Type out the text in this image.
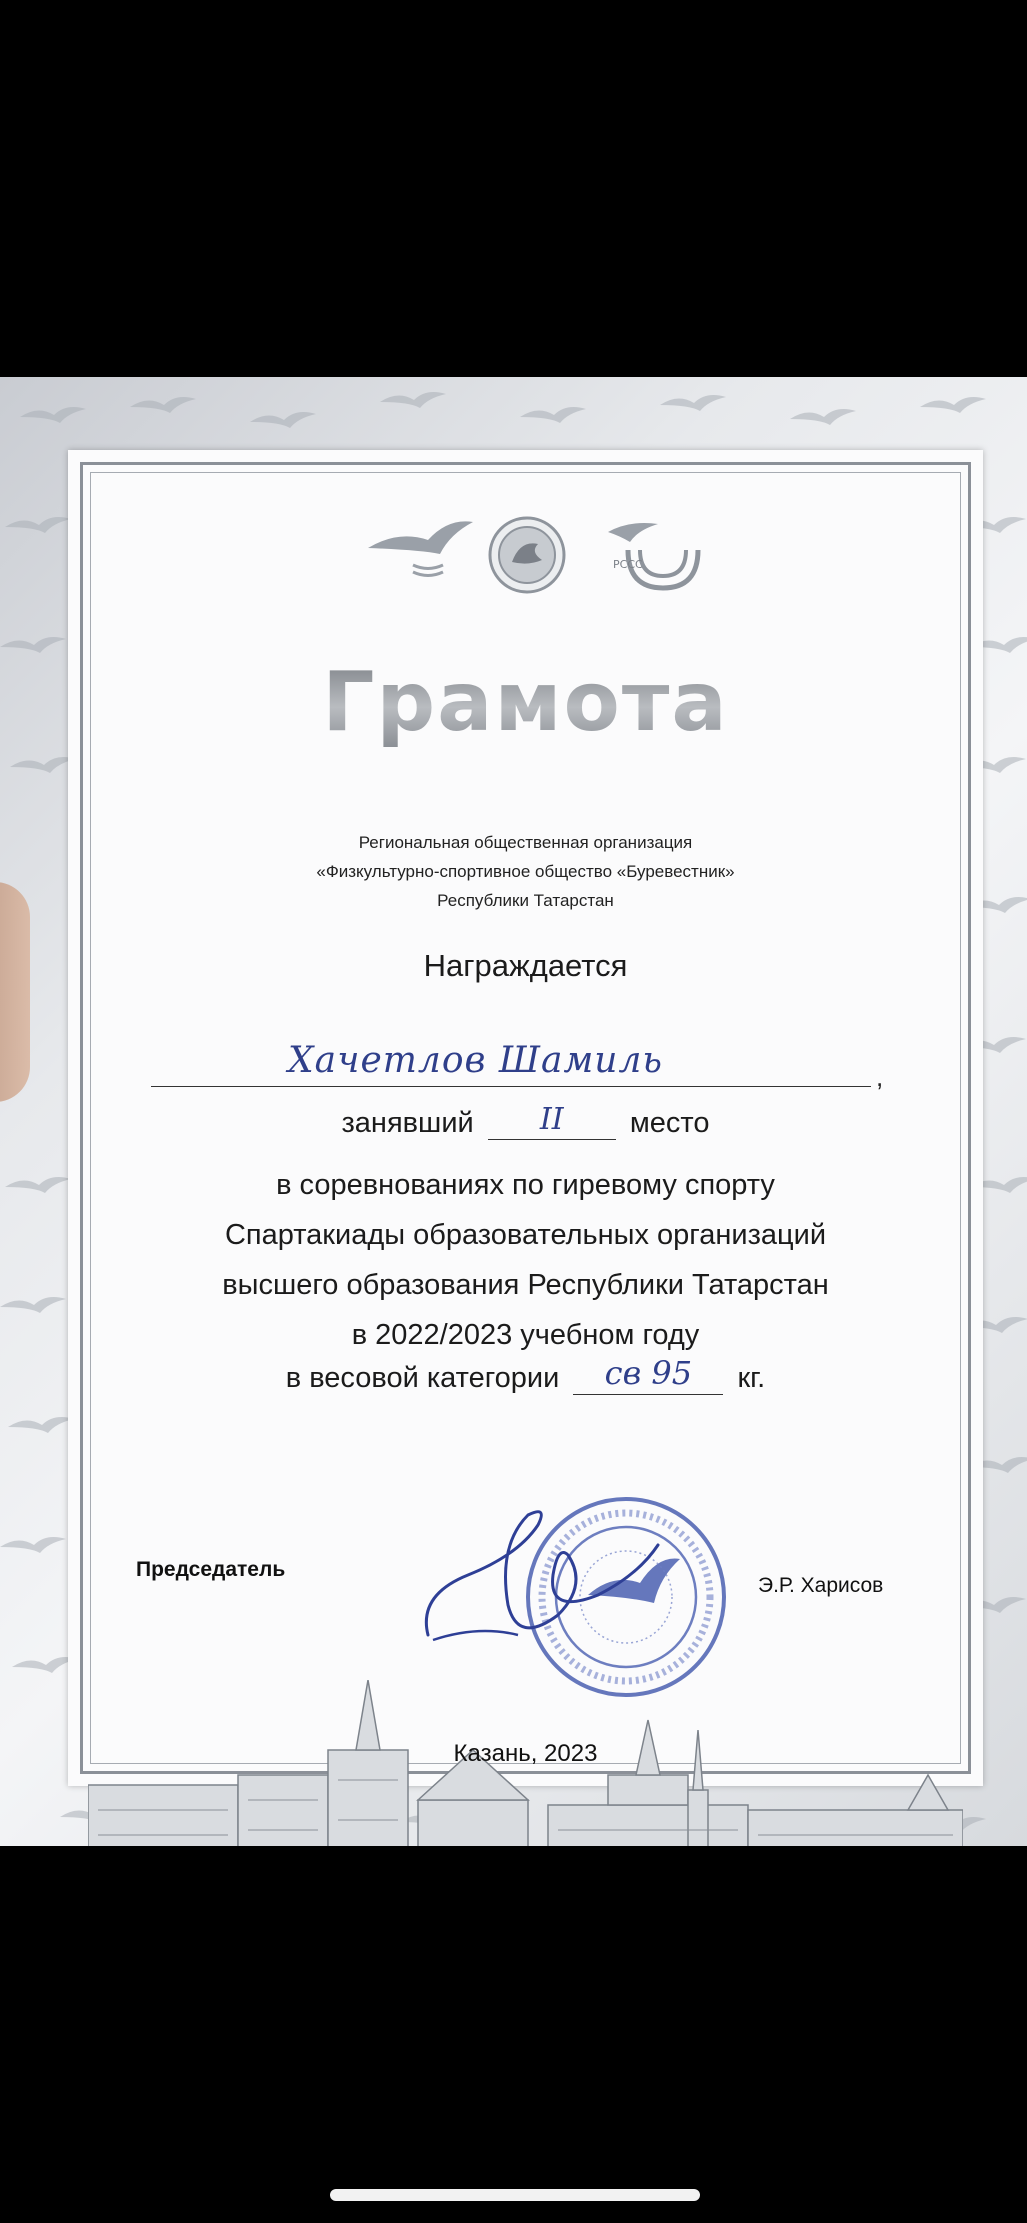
РССС
Грамота
Региональная общественная организация
«Физкультурно-спортивное общество «Буревестник»
Республики Татарстан
Награждается
Хачетлов Шамиль	,
занявший	II	место
в соревнованиях по гиревому спорту
Спартакиады образовательных организаций
высшего образования Республики Татарстан
в 2022/2023 учебном году
в весовой категории	св 95	кг.
Председатель
Э.Р. Харисов
Казань, 2023
